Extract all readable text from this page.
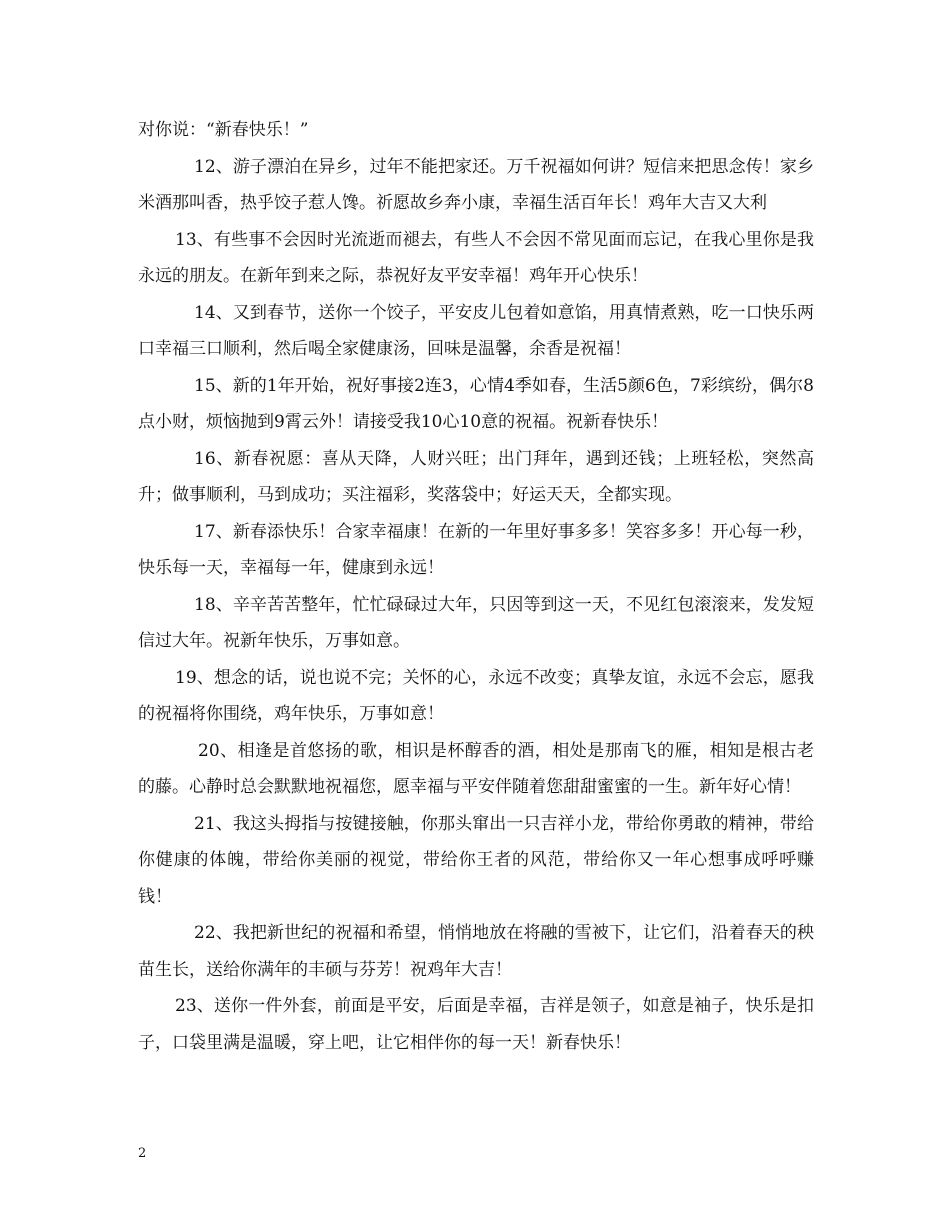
对你说：“新春快乐！”

12、游子漂泊在异乡，过年不能把家还。万千祝福如何讲？短信来把思念传！家乡米酒那叫香，热乎饺子惹人馋。祈愿故乡奔小康，幸福生活百年长！鸡年大吉又大利

13、有些事不会因时光流逝而褪去，有些人不会因不常见面而忘记，在我心里你是我永远的朋友。在新年到来之际，恭祝好友平安幸福！鸡年开心快乐！

14、又到春节，送你一个饺子，平安皮儿包着如意馅，用真情煮熟，吃一口快乐两口幸福三口顺利，然后喝全家健康汤，回味是温馨，余香是祝福！

15、新的1年开始，祝好事接2连3，心情4季如春，生活5颜6色，7彩缤纷，偶尔8点小财，烦恼抛到9霄云外！请接受我10心10意的祝福。祝新春快乐！

16、新春祝愿：喜从天降，人财兴旺；出门拜年，遇到还钱；上班轻松，突然高升；做事顺利，马到成功；买注福彩，奖落袋中；好运天天，全都实现。

17、新春添快乐！合家幸福康！在新的一年里好事多多！笑容多多！开心每一秒，快乐每一天，幸福每一年，健康到永远！

18、辛辛苦苦整年，忙忙碌碌过大年，只因等到这一天，不见红包滚滚来，发发短信过大年。祝新年快乐，万事如意。

19、想念的话，说也说不完；关怀的心，永远不改变；真挚友谊，永远不会忘，愿我的祝福将你围绕，鸡年快乐，万事如意！

20、相逢是首悠扬的歌，相识是杯醇香的酒，相处是那南飞的雁，相知是根古老的藤。心静时总会默默地祝福您，愿幸福与平安伴随着您甜甜蜜蜜的一生。新年好心情！

21、我这头拇指与按键接触，你那头窜出一只吉祥小龙，带给你勇敢的精神，带给你健康的体魄，带给你美丽的视觉，带给你王者的风范，带给你又一年心想事成呼呼赚钱！

22、我把新世纪的祝福和希望，悄悄地放在将融的雪被下，让它们，沿着春天的秧苗生长，送给你满年的丰硕与芬芳！祝鸡年大吉！

23、送你一件外套，前面是平安，后面是幸福，吉祥是领子，如意是袖子，快乐是扣子，口袋里满是温暖，穿上吧，让它相伴你的每一天！新春快乐！

2
